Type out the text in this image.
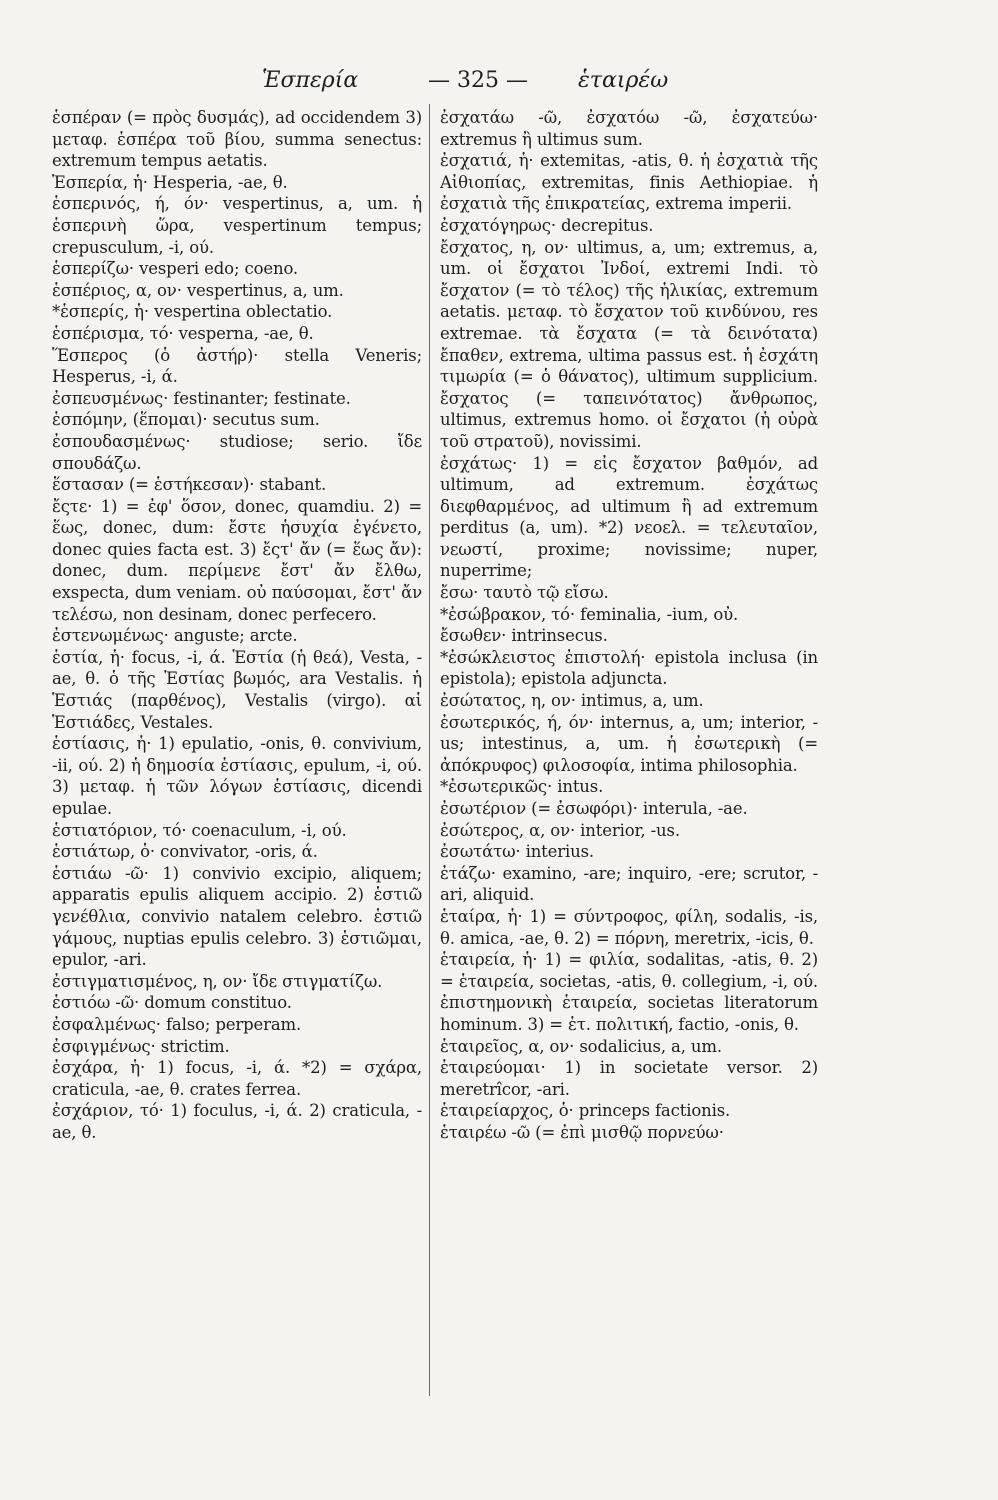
Ἑσπερία	— 325 — ἑταιρέω

ἑσπέραν (= πρὸς δυσμάς), ad occidendem 3) μεταφ. ἑσπέρα τοῦ βίου, summa senectus: extremum tempus aetatis.

Ἑσπερία, ἡ· Hesperia, -ae, θ.

ἑσπερινός, ή, όν· vespertinus, a, um. ἡ ἑσπερινὴ ὥρα, vespertinum tempus; crepusculum, -i, ού.

ἑσπερίζω· vesperi edo; coeno.

ἑσπέριος, α, ον· vespertinus, a, um.

*ἑσπερίς, ἡ· vespertina oblectatio.

ἑσπέρισμα, τό· vesperna, -ae, θ.

Ἕσπερος (ὁ ἀστήρ)· stella Veneris; Hesperus, -i, ά.

ἐσπευσμένως· festinanter; festinate.

ἑσπόμην, (ἕπομαι)· secutus sum.

ἐσπουδασμένως· studiose; serio. ἴδε σπουδάζω.

ἕστασαν (= ἑστήκεσαν)· stabant.

ἔςτε· 1) = ἐφ' ὅσον, donec, quamdiu. 2) = ἕως, donec, dum: ἔστε ἡσυχία ἐγένετο, donec quies facta est. 3) ἔςτ' ἄν (= ἕως ἄν): donec, dum. περίμενε ἔστ' ἄν ἔλθω, exspecta, dum veniam. οὐ παύσομαι, ἔστ' ἄν τελέσω, non desinam, donec perfecero.

ἐστενωμένως· anguste; arcte.

ἑστία, ἡ· focus, -i, ά. Ἑστία (ἡ θεά), Vesta, -ae, θ. ὁ τῆς Ἑστίας βωμός, ara Vestalis. ἡ Ἑστιάς (παρθένος), Vestalis (virgo). αἱ Ἑστιάδες, Vestales.

ἑστίασις, ἡ· 1) epulatio, -onis, θ. convivium, -ii, ού. 2) ἡ δημοσία ἑστίασις, epulum, -i, ού. 3) μεταφ. ἡ τῶν λόγων ἑστίασις, dicendi epulae.

ἑστιατόριον, τό· coenaculum, -i, ού.

ἑστιάτωρ, ὁ· convivator, -oris, ά.

ἑστιάω -ῶ· 1) convivio excipio, aliquem; apparatis epulis aliquem accipio. 2) ἑστιῶ γενέθλια, convivio natalem celebro. ἑστιῶ γάμους, nuptias epulis celebro. 3) ἑστιῶμαι, epulor, -ari.

ἐστιγματισμένος, η, ον· ἴδε στιγματίζω.

ἑστιόω -ῶ· domum constituo.

ἐσφαλμένως· falso; perperam.

ἐσφιγμένως· strictim.

ἐσχάρα, ἡ· 1) focus, -i, ά. *2) = σχάρα, craticula, -ae, θ. crates ferrea.

ἐσχάριον, τό· 1) foculus, -i, ά. 2) craticula, -ae, θ.

ἐσχατάω -ῶ, ἐσχατόω -ῶ, ἐσχατεύω· extremus ἢ ultimus sum.

ἐσχατιά, ἡ· extemitas, -atis, θ. ἡ ἐσχατιὰ τῆς Αἰθιοπίας, extremitas, finis Aethiopiae. ἡ ἐσχατιὰ τῆς ἐπικρατείας, extrema imperii.

ἐσχατόγηρως· decrepitus.

ἔσχατος, η, ον· ultimus, a, um; extremus, a, um. οἱ ἔσχατοι Ἰνδοί, extremi Indi. τὸ ἔσχατον (= τὸ τέλος) τῆς ἡλικίας, extremum aetatis. μεταφ. τὸ ἔσχατον τοῦ κινδύνου, res extremae. τὰ ἔσχατα (= τὰ δεινότατα) ἔπαθεν, extrema, ultima passus est. ἡ ἐσχάτη τιμωρία (= ὁ θάνατος), ultimum supplicium. ἔσχατος (= ταπεινότατος) ἄνθρωπος, ultimus, extremus homo. οἱ ἔσχατοι (ἡ οὐρὰ τοῦ στρατοῦ), novissimi.

ἐσχάτως· 1) = εἰς ἔσχατον βαθμόν, ad ultimum, ad extremum. ἐσχάτως διεφθαρμένος, ad ultimum ἢ ad extremum perditus (a, um). *2) νεοελ. = τελευταῖον, νεωστί, proxime; novissime; nuper, nuperrime;

ἔσω· ταυτὸ τῷ εἴσω.

*ἐσώβρακον, τό· feminalia, -ium, οὐ.

ἔσωθεν· intrinsecus.

*ἐσώκλειστος ἐπιστολή· epistola inclusa (in epistola); epistola adjuncta.

ἐσώτατος, η, ον· intimus, a, um.

ἐσωτερικός, ή, όν· internus, a, um; interior, -us; intestinus, a, um. ἡ ἐσωτερικὴ (= ἀπόκρυφος) φιλοσοφία, intima philosophia.

*ἐσωτερικῶς· intus.

ἐσωτέριον (= ἐσωφόρι)· interula, -ae.

ἐσώτερος, α, ον· interior, -us.

ἐσωτάτω· interius.

ἐτάζω· examino, -are; inquiro, -ere; scrutor, -ari, aliquid.

ἑταίρα, ἡ· 1) = σύντροφος, φίλη, sodalis, -is, θ. amica, -ae, θ. 2) = πόρνη, meretrix, -icis, θ.

ἑταιρεία, ἡ· 1) = φιλία, sodalitas, -atis, θ. 2) = ἑταιρεία, societas, -atis, θ. collegium, -i, ού. ἐπιστημονικὴ ἑταιρεία, societas literatorum hominum. 3) = ἑτ. πολιτική, factio, -onis, θ.

ἑταιρεῖος, α, ον· sodalicius, a, um.

ἑταιρεύομαι· 1) in societate versor. 2) meretrîcor, -ari.

ἑταιρείαρχος, ὁ· princeps factionis.

ἑταιρέω -ῶ (= ἐπὶ μισθῷ πορνεύω·
